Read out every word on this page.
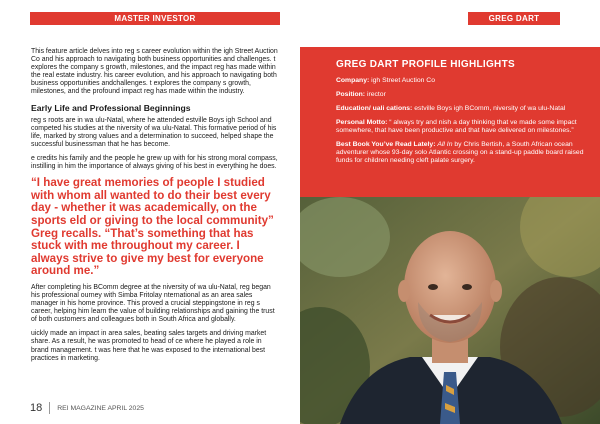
MASTER INVESTOR	GREG DART

This feature article delves into reg s career evolution within the igh Street Auction Co and his approach to navigating both business opportunities and challenges. t explores the company s growth, milestones, and the impact reg has made within the real estate industry. his career evolution, and his approach to navigating both business opportunities andchallenges. t explores the company s growth, milestones, and the profound impact reg has made within the industry.

Early Life and Professional Beginnings

reg s roots are in wa ulu-Natal, where he attended estville Boys igh School and competed his studies at the niversity of wa ulu-Natal. This formative period of his life, marked by strong values and a determination to succeed, helped shape the successful businessman that he has become.

e credits his family and the people he grew up with for his strong moral compass, instilling in him the importance of always giving of his best in everything he does.

“I have great memories of people I studied with whom all wanted to do their best every day - whether it was academically, on the sports eld or giving to the local community” Greg recalls. “That’s something that has stuck with me throughout my career. I always strive to give my best for everyone around me.”

After completing his BComm degree at the niversity of wa ulu-Natal, reg began his professional ourney with Simba Fritolay nternational as an area sales manager in his home province. This proved a crucial steppingstone in reg s career, helping him learn the value of building relationships and gaining the trust of both customers and colleagues both in South Africa and globally.

uickly made an impact in area sales, beating sales targets and driving market share. As a result, he was promoted to head of ce where he played a role in brand management. t was here that he was exposed to the international best practices in marketing.

GREG DART PROFILE HIGHLIGHTS
Company: igh Street Auction Co
Position: irector
Education/ uali cations: estville Boys igh BComm, niversity of wa ulu-Natal
Personal Motto: “ always try and nish a day thinking that ve made some impact somewhere, that have been productive and that have delivered on milestones.”
Best Book You’ve Read Lately: All In by Chris Bertish, a South African ocean adventurer whose 93-day solo Atlantic crossing on a stand-up paddle board raised funds for children needing cleft palate surgery.
18 REI MAGAZINE APRIL 2025
